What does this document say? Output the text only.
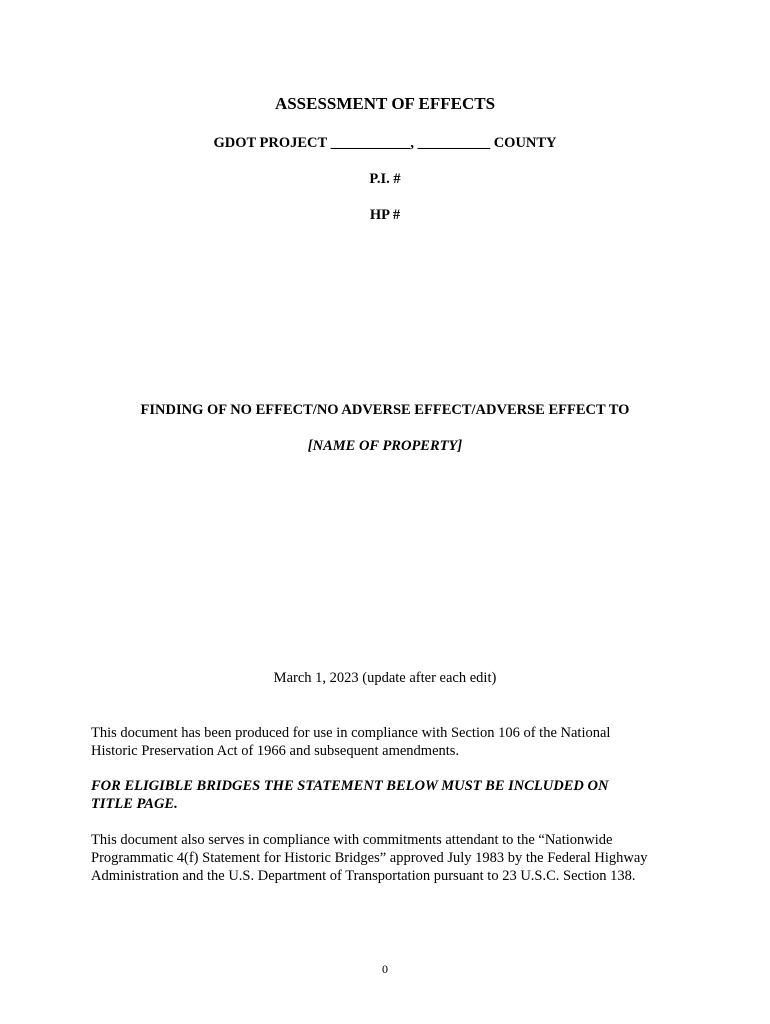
ASSESSMENT OF EFFECTS
GDOT PROJECT ___________, __________ COUNTY
P.I. #
HP #
FINDING OF NO EFFECT/NO ADVERSE EFFECT/ADVERSE EFFECT TO
[NAME OF PROPERTY]
March 1, 2023 (update after each edit)
This document has been produced for use in compliance with Section 106 of the National
Historic Preservation Act of 1966 and subsequent amendments.
FOR ELIGIBLE BRIDGES THE STATEMENT BELOW MUST BE INCLUDED ON
TITLE PAGE.
This document also serves in compliance with commitments attendant to the “Nationwide
Programmatic 4(f) Statement for Historic Bridges” approved July 1983 by the Federal Highway
Administration and the U.S. Department of Transportation pursuant to 23 U.S.C. Section 138.
0
